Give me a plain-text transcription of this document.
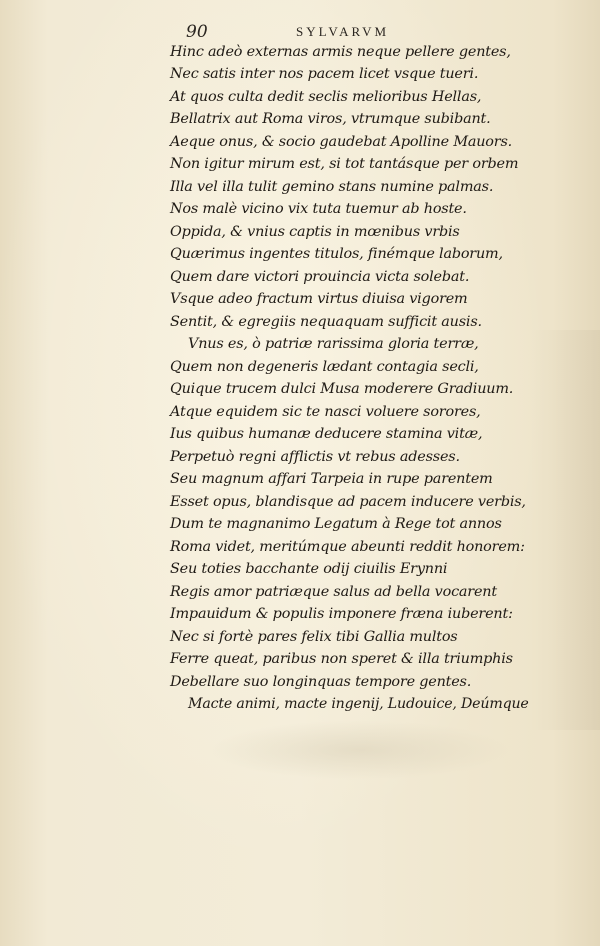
90	SYLVARVM
Hinc adeò externas armis neque pellere gentes,
Nec satis inter nos pacem licet vsque tueri.
At quos culta dedit seclis melioribus Hellas,
Bellatrix aut Roma viros, vtrumque subibant.
Aeque onus, & socio gaudebat Apolline Mauors.
Non igitur mirum est, si tot tantásque per orbem
Illa vel illa tulit gemino stans numine palmas.
Nos malè vicino vix tuta tuemur ab hoste.
Oppida, & vnius captis in mœnibus vrbis
Quærimus ingentes titulos, finémque laborum,
Quem dare victori prouincia victa solebat.
Vsque adeo fractum virtus diuisa vigorem
Sentit, & egregiis nequaquam sufficit ausis.
Vnus es, ò patriæ rarissima gloria terræ,
Quem non degeneris lædant contagia secli,
Quique trucem dulci Musa moderere Gradiuum.
Atque equidem sic te nasci voluere sorores,
Ius quibus humanæ deducere stamina vitæ,
Perpetuò regni afflictis vt rebus adesses.
Seu magnum affari Tarpeia in rupe parentem
Esset opus, blandisque ad pacem inducere verbis,
Dum te magnanimo Legatum à Rege tot annos
Roma videt, meritúmque abeunti reddit honorem:
Seu toties bacchante odij ciuilis Erynni
Regis amor patriæque salus ad bella vocarent
Impauidum & populis imponere fræna iuberent:
Nec si fortè pares felix tibi Gallia multos
Ferre queat, paribus non speret & illa triumphis
Debellare suo longinquas tempore gentes.
Macte animi, macte ingenij, Ludouice, Deúmque
